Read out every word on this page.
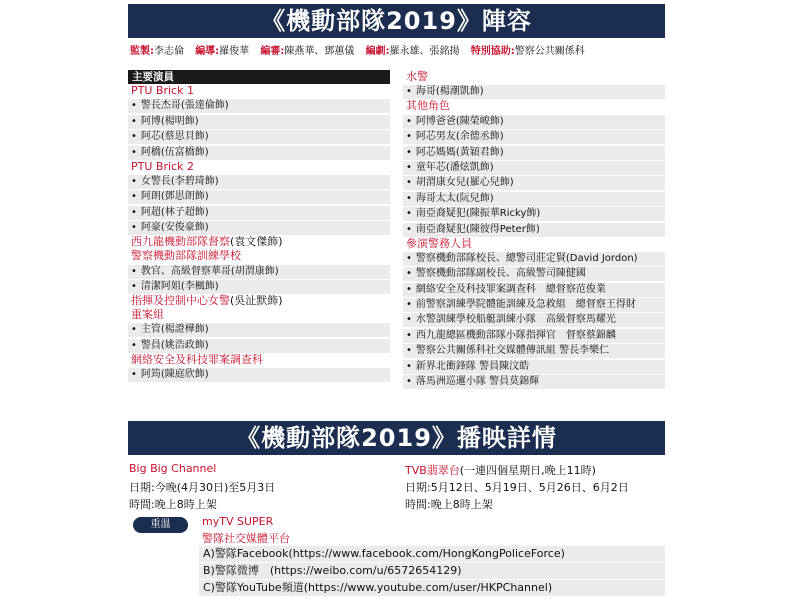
《機動部隊2019》陣容
監製:李志倫 編導:羅俊華 編審:陳燕華、鄧蕙儀 編劇:羅永雄、張銘揚 特別協助:警察公共關係科
主要演員
PTU Brick 1
• 警長杰哥(張達倫飾)
• 阿博(楊明飾)
• 阿芯(蔡思貝飾)
• 阿橋(伍富橋飾)
PTU Brick 2
• 女警長(李碧琦飾)
• 阿朗(鄧思朗飾)
• 阿超(林子超飾)
• 阿豪(安俊豪飾)
西九龍機動部隊督察(袁文傑飾)
警察機動部隊訓練學校
• 教官、高級督察華哥(胡渭康飾)
• 清潔阿姐(李楓飾)
指揮及控制中心女警(吳沚默飾)
重案組
• 主管(楊證樺飾)
• 警員(姚浩政飾)
網絡安全及科技罪案調查科
• 阿筠(陳庭欣飾)
水警
• 海哥(楊潮凱飾)
其他角色
• 阿博爸爸(陳榮峻飾)
• 阿芯男友(余德丞飾)
• 阿芯媽媽(黃穎君飾)
• 童年芯(潘炫凱飾)
• 胡渭康女兒(羅心兒飾)
• 海哥太太(阮兒飾)
• 南亞裔疑犯(陳振華Ricky飾)
• 南亞裔疑犯(陳彼得Peter飾)
參演警務人員
• 警察機動部隊校長、總警司莊定賢(David Jordon)
• 警察機動部隊副校長、高級警司陳健國
• 網絡安全及科技罪案調查科　總督察范俊業
• 前警察訓練學院體能訓練及急救組　總督察王得財
• 水警訓練學校船艇訓練小隊　高級督察馬耀光
• 西九龍總區機動部隊小隊指揮官　督察蔡錦麟
• 警察公共關係科社交媒體傳訊組 警長李樂仁
• 新界北衝鋒隊 警員陳汶皓
• 落馬洲巡邏小隊 警員莫錦輝
《機動部隊2019》播映詳情
Big Big Channel
日期:今晚(4月30日)至5月3日
時間:晚上8時上架
TVB翡翠台(一連四個星期日,晚上11時)
日期:5月12日、5月19日、5月26日、6月2日
時間:晚上8時上架
重溫	myTV SUPER
警隊社交媒體平台
A)警隊Facebook(https://www.facebook.com/HongKongPoliceForce)
B)警隊微博　(https://weibo.com/u/6572654129)
C)警隊YouTube頻道(https://www.youtube.com/user/HKPChannel)
